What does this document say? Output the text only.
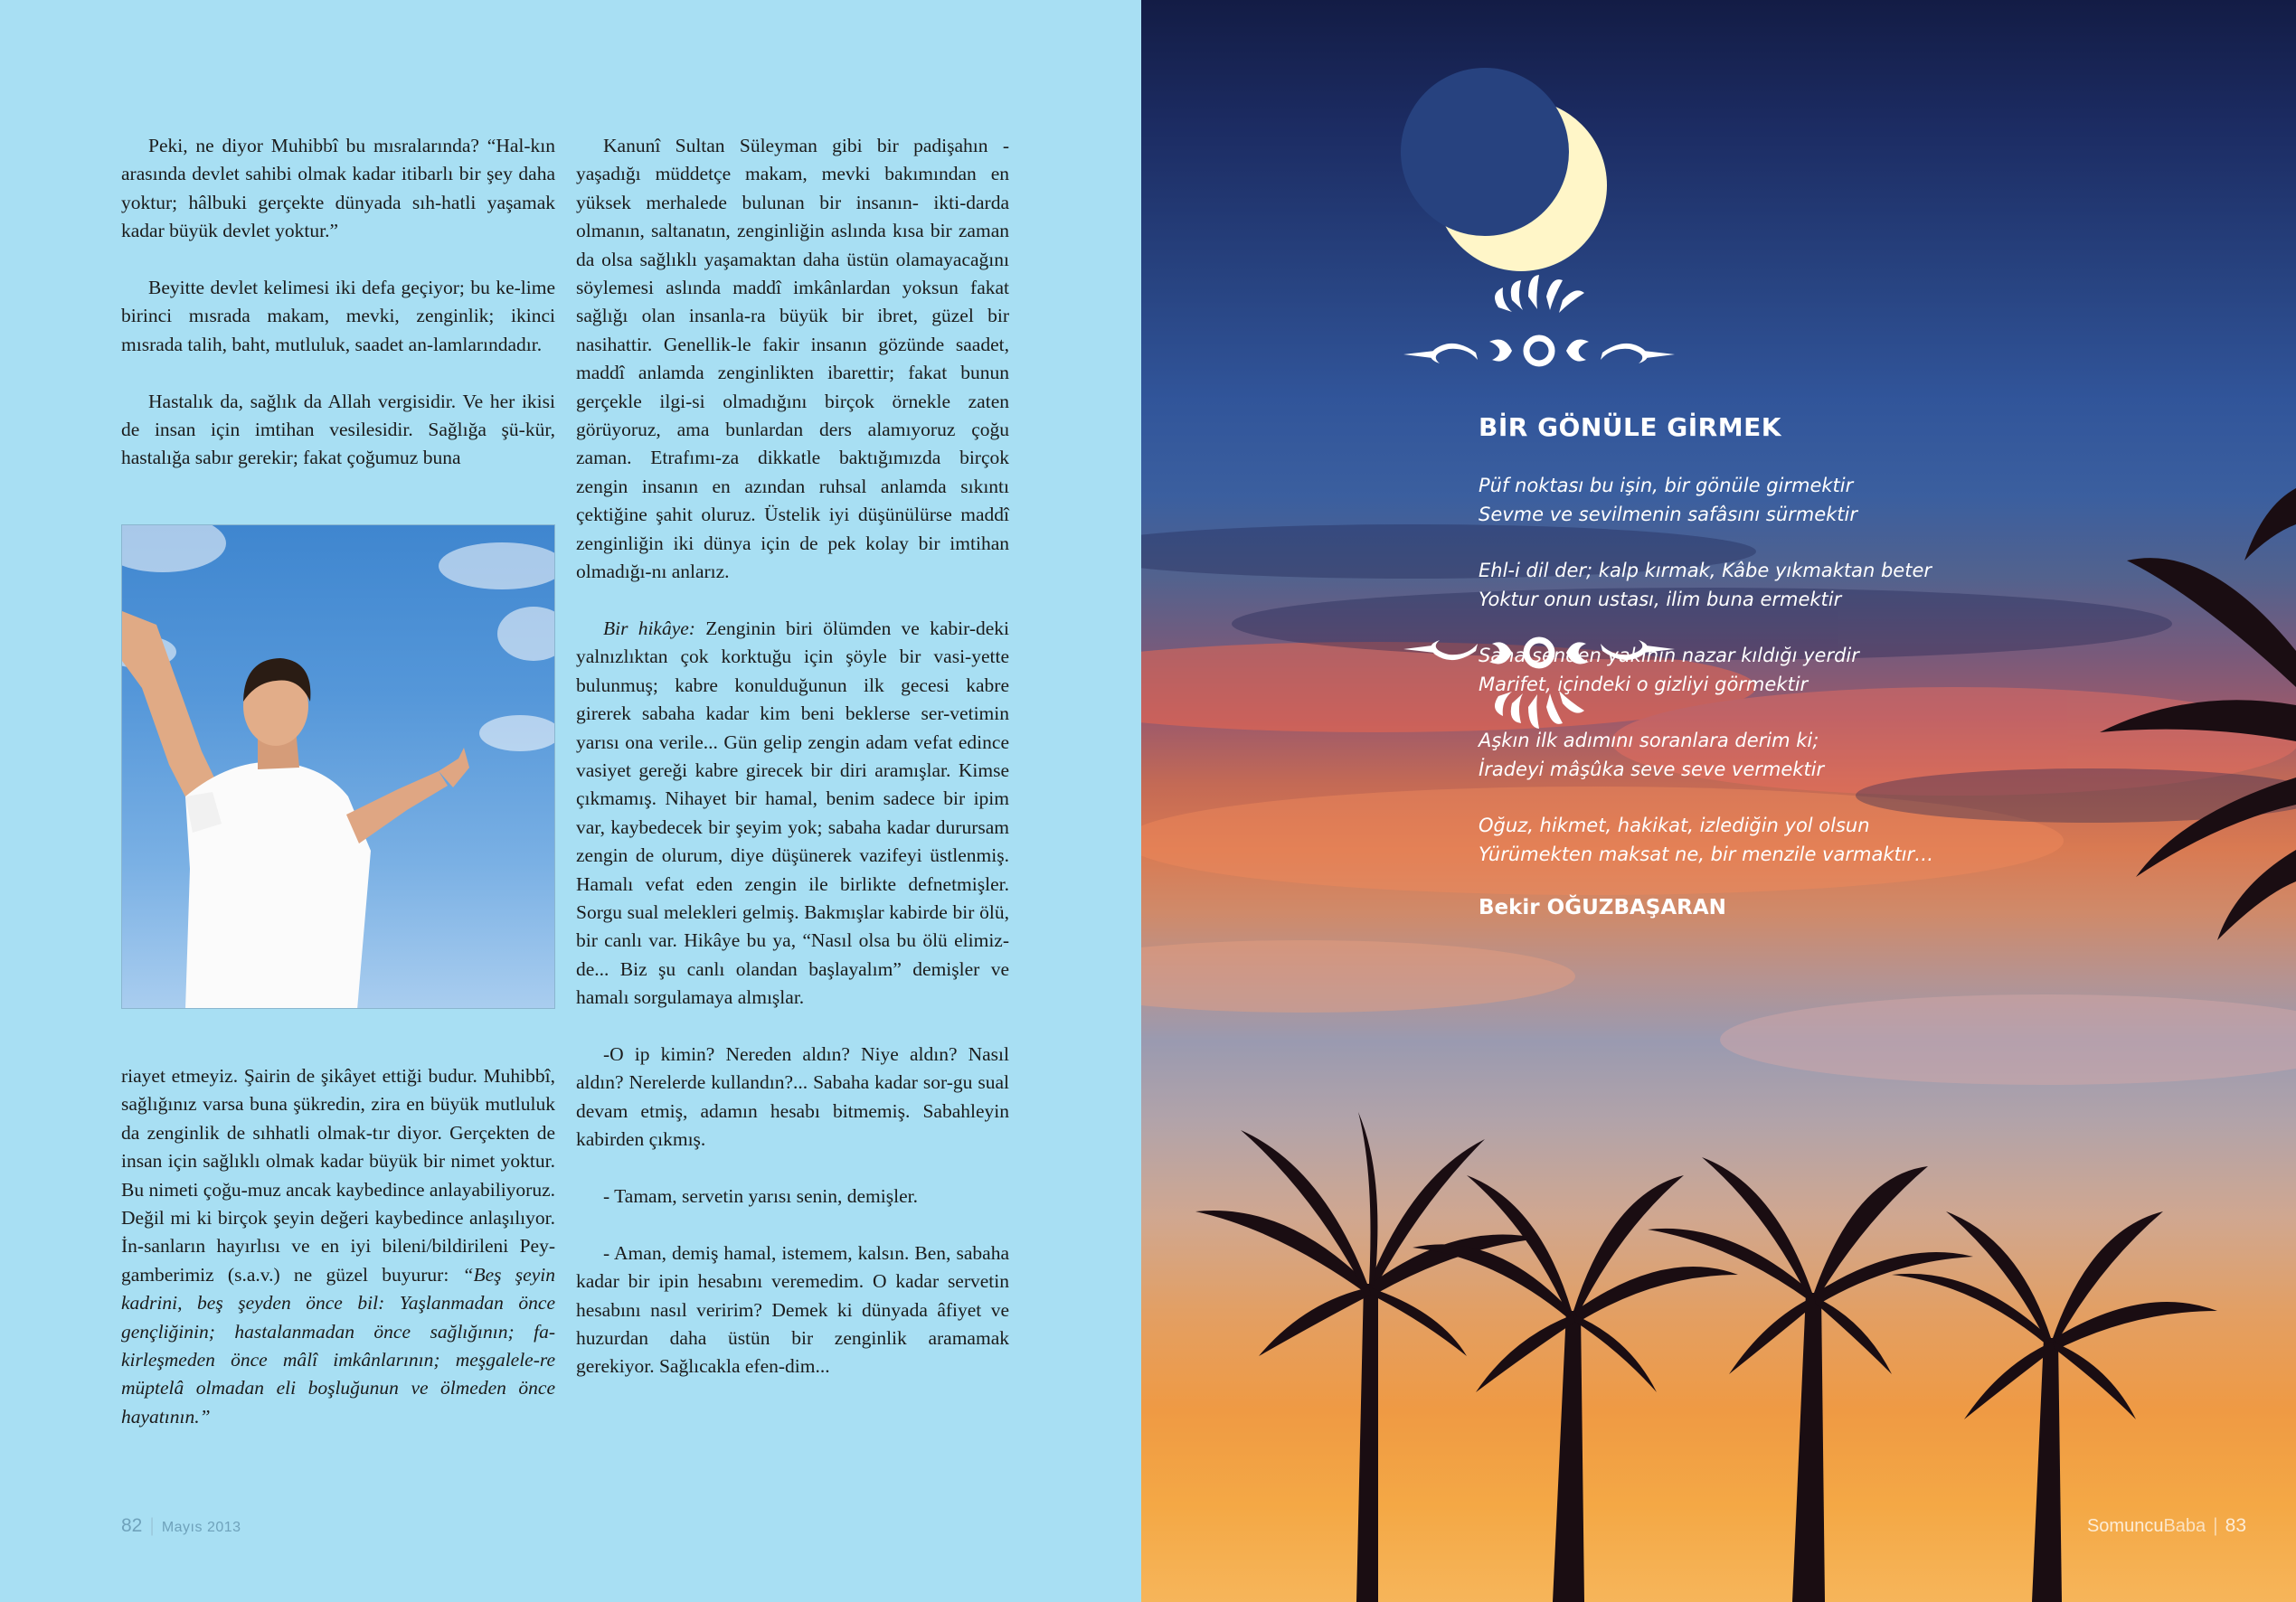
Peki, ne diyor Muhibbî bu mısralarında? “Hal-kın arasında devlet sahibi olmak kadar itibarlı bir şey daha yoktur; hâlbuki gerçekte dünyada sıh-hatli yaşamak kadar büyük devlet yoktur.”

Beyitte devlet kelimesi iki defa geçiyor; bu ke-lime birinci mısrada makam, mevki, zenginlik; ikinci mısrada talih, baht, mutluluk, saadet an-lamlarındadır.

Hastalık da, sağlık da Allah vergisidir. Ve her ikisi de insan için imtihan vesilesidir. Sağlığa şü-kür, hastalığa sabır gerekir; fakat çoğumuz buna

riayet etmeyiz. Şairin de şikâyet ettiği budur. Muhibbî, sağlığınız varsa buna şükredin, zira en büyük mutluluk da zenginlik de sıhhatli olmak-tır diyor. Gerçekten de insan için sağlıklı olmak kadar büyük bir nimet yoktur. Bu nimeti çoğu-muz ancak kaybedince anlayabiliyoruz. Değil mi ki birçok şeyin değeri kaybedince anlaşılıyor. İn-sanların hayırlısı ve en iyi bileni/bildirileni Pey-gamberimiz (s.a.v.) ne güzel buyurur: “Beş şeyin kadrini, beş şeyden önce bil: Yaşlanmadan önce gençliğinin; hastalanmadan önce sağlığının; fa-kirleşmeden önce mâlî imkânlarının; meşgalele-re müptelâ olmadan eli boşluğunun ve ölmeden önce hayatının.”

Kanunî Sultan Süleyman gibi bir padişahın -yaşadığı müddetçe makam, mevki bakımından en yüksek merhalede bulunan bir insanın- ikti-darda olmanın, saltanatın, zenginliğin aslında kısa bir zaman da olsa sağlıklı yaşamaktan daha üstün olamayacağını söylemesi aslında maddî imkânlardan yoksun fakat sağlığı olan insanla-ra büyük bir ibret, güzel bir nasihattir. Genellik-le fakir insanın gözünde saadet, maddî anlamda zenginlikten ibarettir; fakat bunun gerçekle ilgi-si olmadığını birçok örnekle zaten görüyoruz, ama bunlardan ders alamıyoruz çoğu zaman. Etrafımı-za dikkatle baktığımızda birçok zengin insanın en azından ruhsal anlamda sıkıntı çektiğine şahit oluruz. Üstelik iyi düşünülürse maddî zenginliğin iki dünya için de pek kolay bir imtihan olmadığı-nı anlarız.

Bir hikâye: Zenginin biri ölümden ve kabir-deki yalnızlıktan çok korktuğu için şöyle bir vasi-yette bulunmuş; kabre konulduğunun ilk gecesi kabre girerek sabaha kadar kim beni beklerse ser-vetimin yarısı ona verile... Gün gelip zengin adam vefat edince vasiyet gereği kabre girecek bir diri aramışlar. Kimse çıkmamış. Nihayet bir hamal, benim sadece bir ipim var, kaybedecek bir şeyim yok; sabaha kadar durursam zengin de olurum, diye düşünerek vazifeyi üstlenmiş. Hamalı vefat eden zengin ile birlikte defnetmişler. Sorgu sual melekleri gelmiş. Bakmışlar kabirde bir ölü, bir canlı var. Hikâye bu ya, “Nasıl olsa bu ölü elimiz-de... Biz şu canlı olandan başlayalım” demişler ve hamalı sorgulamaya almışlar.

-O ip kimin? Nereden aldın? Niye aldın? Nasıl aldın? Nerelerde kullandın?... Sabaha kadar sor-gu sual devam etmiş, adamın hesabı bitmemiş. Sabahleyin kabirden çıkmış.

- Tamam, servetin yarısı senin, demişler.

- Aman, demiş hamal, istemem, kalsın. Ben, sabaha kadar bir ipin hesabını veremedim. O kadar servetin hesabını nasıl veririm? Demek ki dünyada âfiyet ve huzurdan daha üstün bir zenginlik aramamak gerekiyor. Sağlıcakla efen-dim...

82 | Mayıs 2013
BİR GÖNÜLE GİRMEK
Püf noktası bu işin, bir gönüle girmektir
Sevme ve sevilmenin safâsını sürmektir
Ehl-i dil der; kalp kırmak, Kâbe yıkmaktan beter
Yoktur onun ustası, ilim buna ermektir
Sana senden yakının nazar kıldığı yerdir
Marifet, içindeki o gizliyi görmektir
Aşkın ilk adımını soranlara derim ki;
İradeyi mâşûka seve seve vermektir
Oğuz, hikmet, hakikat, izlediğin yol olsun
Yürümekten maksat ne, bir menzile varmaktır…
Bekir OĞUZBAŞARAN
SomuncuBaba | 83
